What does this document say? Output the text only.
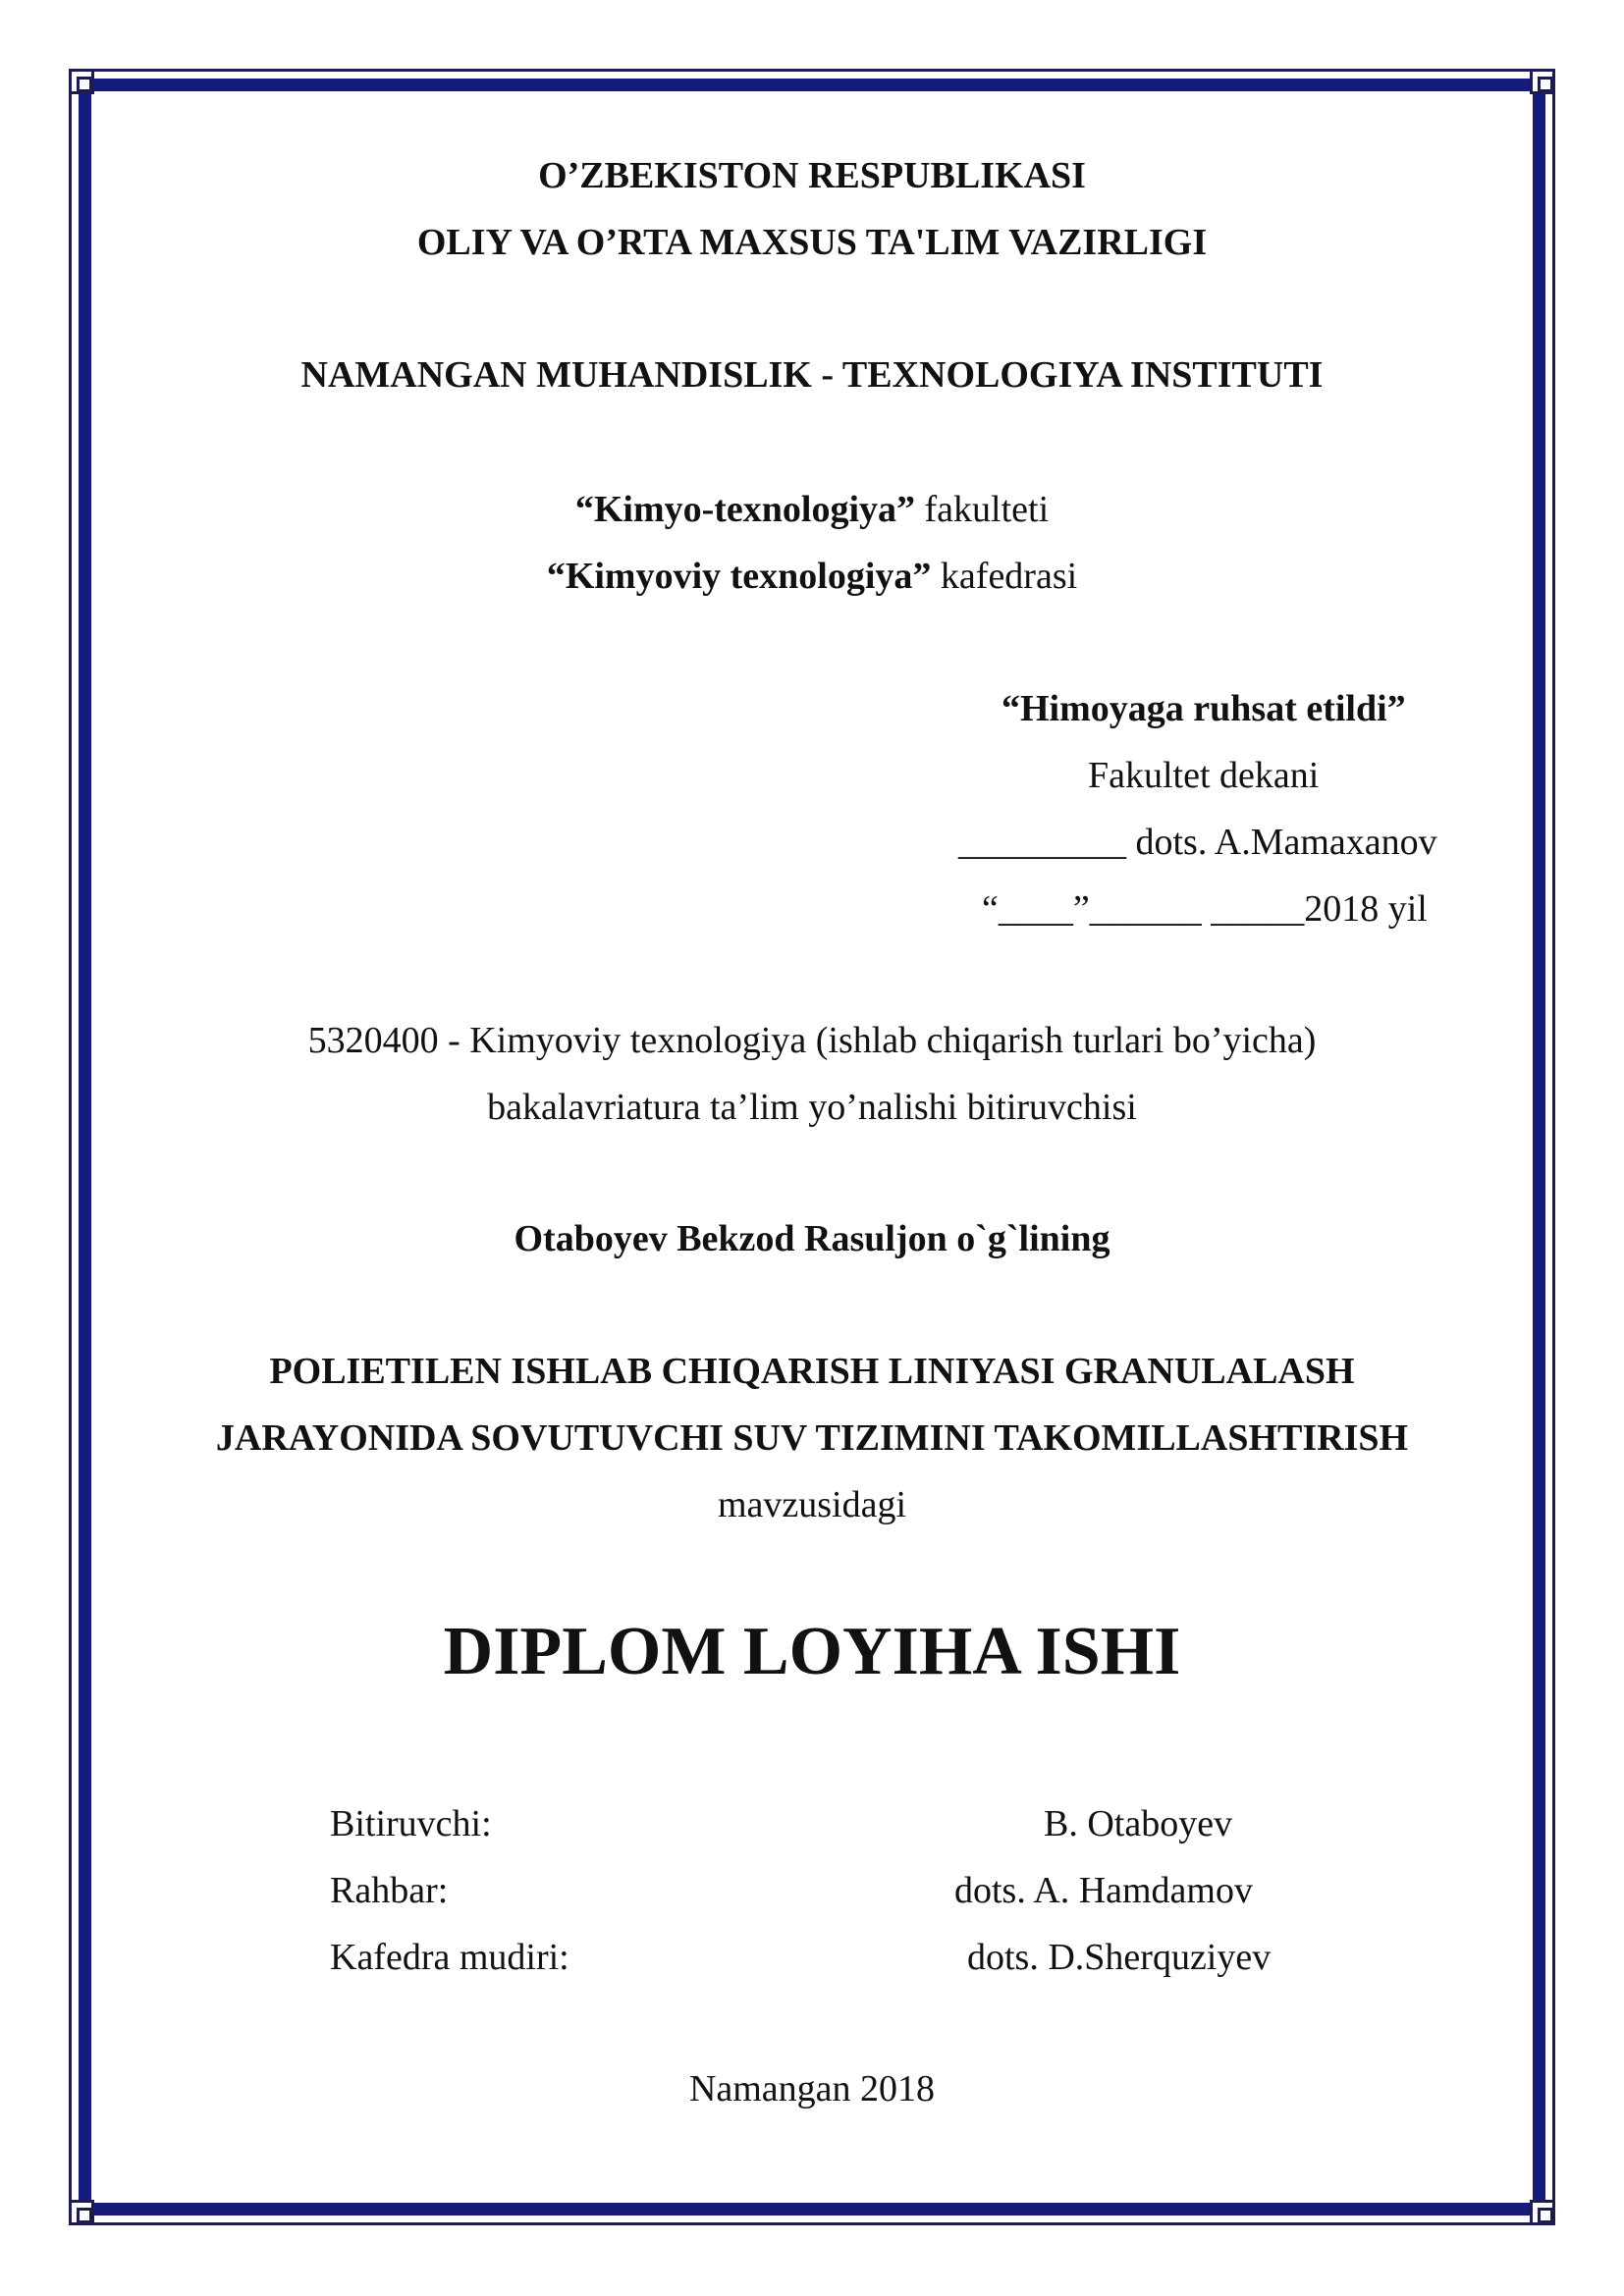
O’ZBEKISTON RESPUBLIKASI
OLIY VA O’RTA MAXSUS TA'LIM VAZIRLIGI
NAMANGAN MUHANDISLIK - TEXNOLOGIYA INSTITUTI
“Kimyo-texnologiya” fakulteti
“Kimyoviy texnologiya” kafedrasi
“Himoyaga ruhsat etildi”
Fakultet dekani
_________ dots. A.Mamaxanov
“____”______ _____2018 yil
5320400 - Kimyoviy texnologiya (ishlab chiqarish turlari bo’yicha)
bakalavriatura ta’lim yo’nalishi bitiruvchisi
Otaboyev Bekzod Rasuljon o`g`lining
POLIETILEN ISHLAB CHIQARISH LINIYASI GRANULALASH
JARAYONIDA SOVUTUVCHI SUV TIZIMINI TAKOMILLASHTIRISH
mavzusidagi
DIPLOM LOYIHA ISHI
Bitiruvchi:	B. Otaboyev
Rahbar:	dots. A. Hamdamov
Kafedra mudiri:	dots. D.Sherquziyev
Namangan 2018
